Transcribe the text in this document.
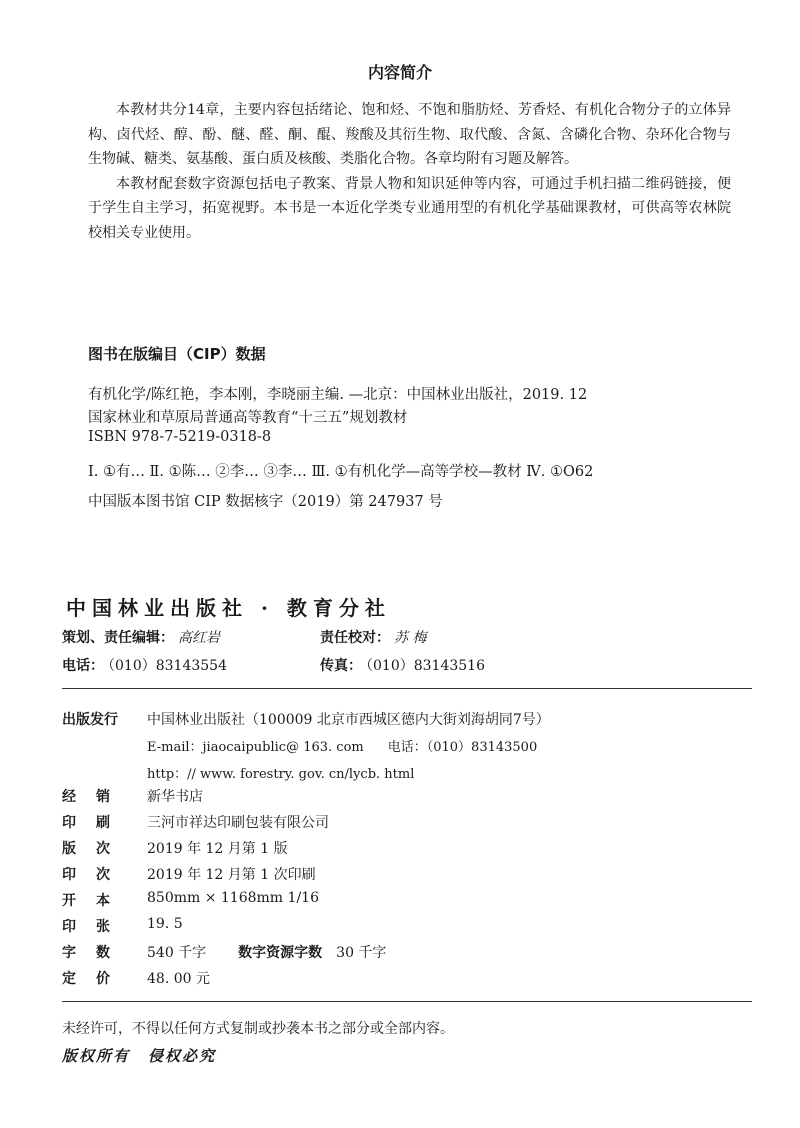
内容简介

本教材共分14章，主要内容包括绪论、饱和烃、不饱和脂肪烃、芳香烃、有机化合物分子的立体异构、卤代烃、醇、酚、醚、醛、酮、醌、羧酸及其衍生物、取代酸、含氮、含磷化合物、杂环化合物与生物碱、糖类、氨基酸、蛋白质及核酸、类脂化合物。各章均附有习题及解答。

本教材配套数字资源包括电子教案、背景人物和知识延伸等内容，可通过手机扫描二维码链接，便于学生自主学习，拓宽视野。本书是一本近化学类专业通用型的有机化学基础课教材，可供高等农林院校相关专业使用。

图书在版编目（CIP）数据
有机化学/陈红艳，李本刚，李晓丽主编. —北京：中国林业出版社，2019. 12
国家林业和草原局普通高等教育“十三五”规划教材
ISBN 978-7-5219-0318-8
Ⅰ. ①有… Ⅱ. ①陈… ②李… ③李… Ⅲ. ①有机化学—高等学校—教材 Ⅳ. ①O62
中国版本图书馆 CIP 数据核字（2019）第 247937 号
中国林业出版社 · 教育分社
策划、责任编辑： 高红岩	责任校对： 苏 梅
电话： （010）83143554	传真： （010）83143516
出版发行 中国林业出版社（100009 北京市西城区德内大街刘海胡同7号）
E-mail：jiaocaipublic@ 163. com 电话：（010）83143500
http：// www. forestry. gov. cn/lycb. html
经销 新华书店
印刷 三河市祥达印刷包装有限公司
版次 2019 年 12 月第 1 版
印次 2019 年 12 月第 1 次印刷
开本 850mm × 1168mm 1/16
印张 19. 5
字数 540 千字 数字资源字数 30 千字
定价 48. 00 元
未经许可，不得以任何方式复制或抄袭本书之部分或全部内容。
版权所有 侵权必究
